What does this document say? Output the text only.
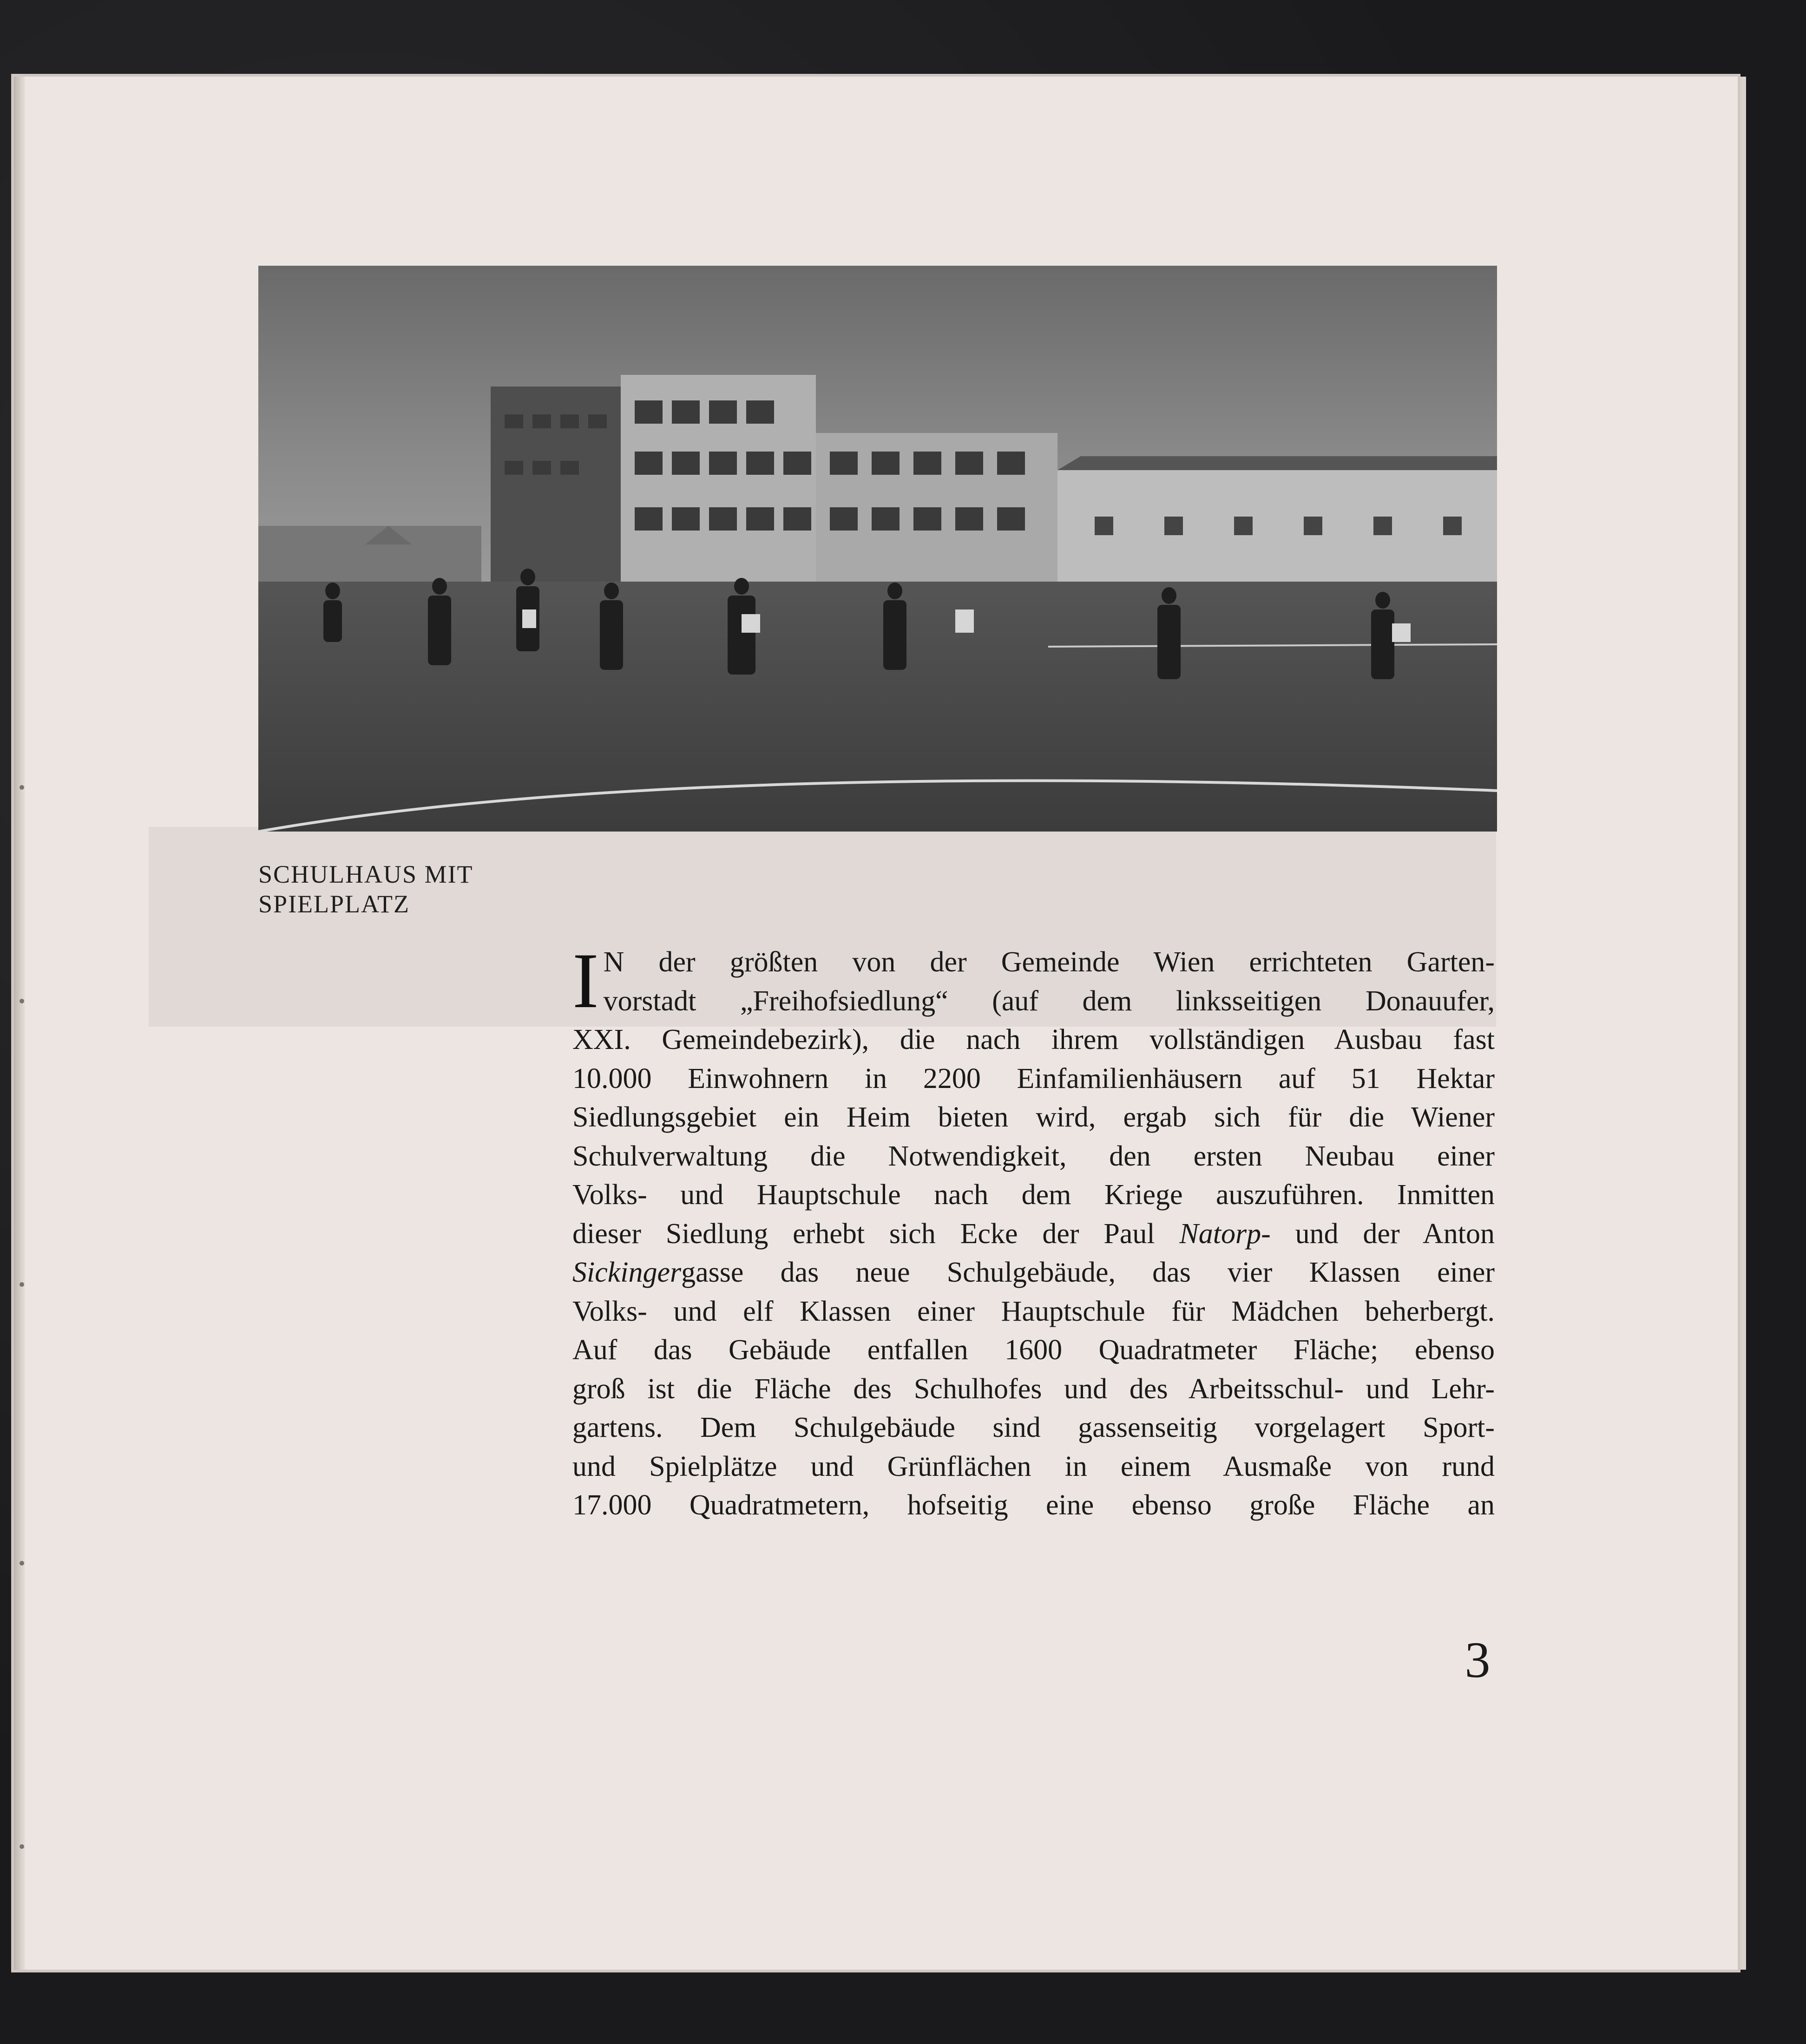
SCHULHAUS MIT
SPIELPLATZ
I N der größten von der Gemeinde Wien errichteten Garten-
vorstadt „Freihofsiedlung“ (auf dem linksseitigen Donauufer,
XXI. Gemeindebezirk), die nach ihrem vollständigen Ausbau fast
10.000 Einwohnern in 2200 Einfamilienhäusern auf 51 Hektar
Siedlungsgebiet ein Heim bieten wird, ergab sich für die Wiener
Schulverwaltung die Notwendigkeit, den ersten Neubau einer
Volks- und Hauptschule nach dem Kriege auszuführen. Inmitten
dieser Siedlung erhebt sich Ecke der Paul Natorp- und der Anton
Sickingergasse das neue Schulgebäude, das vier Klassen einer
Volks- und elf Klassen einer Hauptschule für Mädchen beherbergt.
Auf das Gebäude entfallen 1600 Quadratmeter Fläche; ebenso
groß ist die Fläche des Schulhofes und des Arbeitsschul- und Lehr-
gartens. Dem Schulgebäude sind gassenseitig vorgelagert Sport-
und Spielplätze und Grünflächen in einem Ausmaße von rund
17.000 Quadratmetern, hofseitig eine ebenso große Fläche an
3
